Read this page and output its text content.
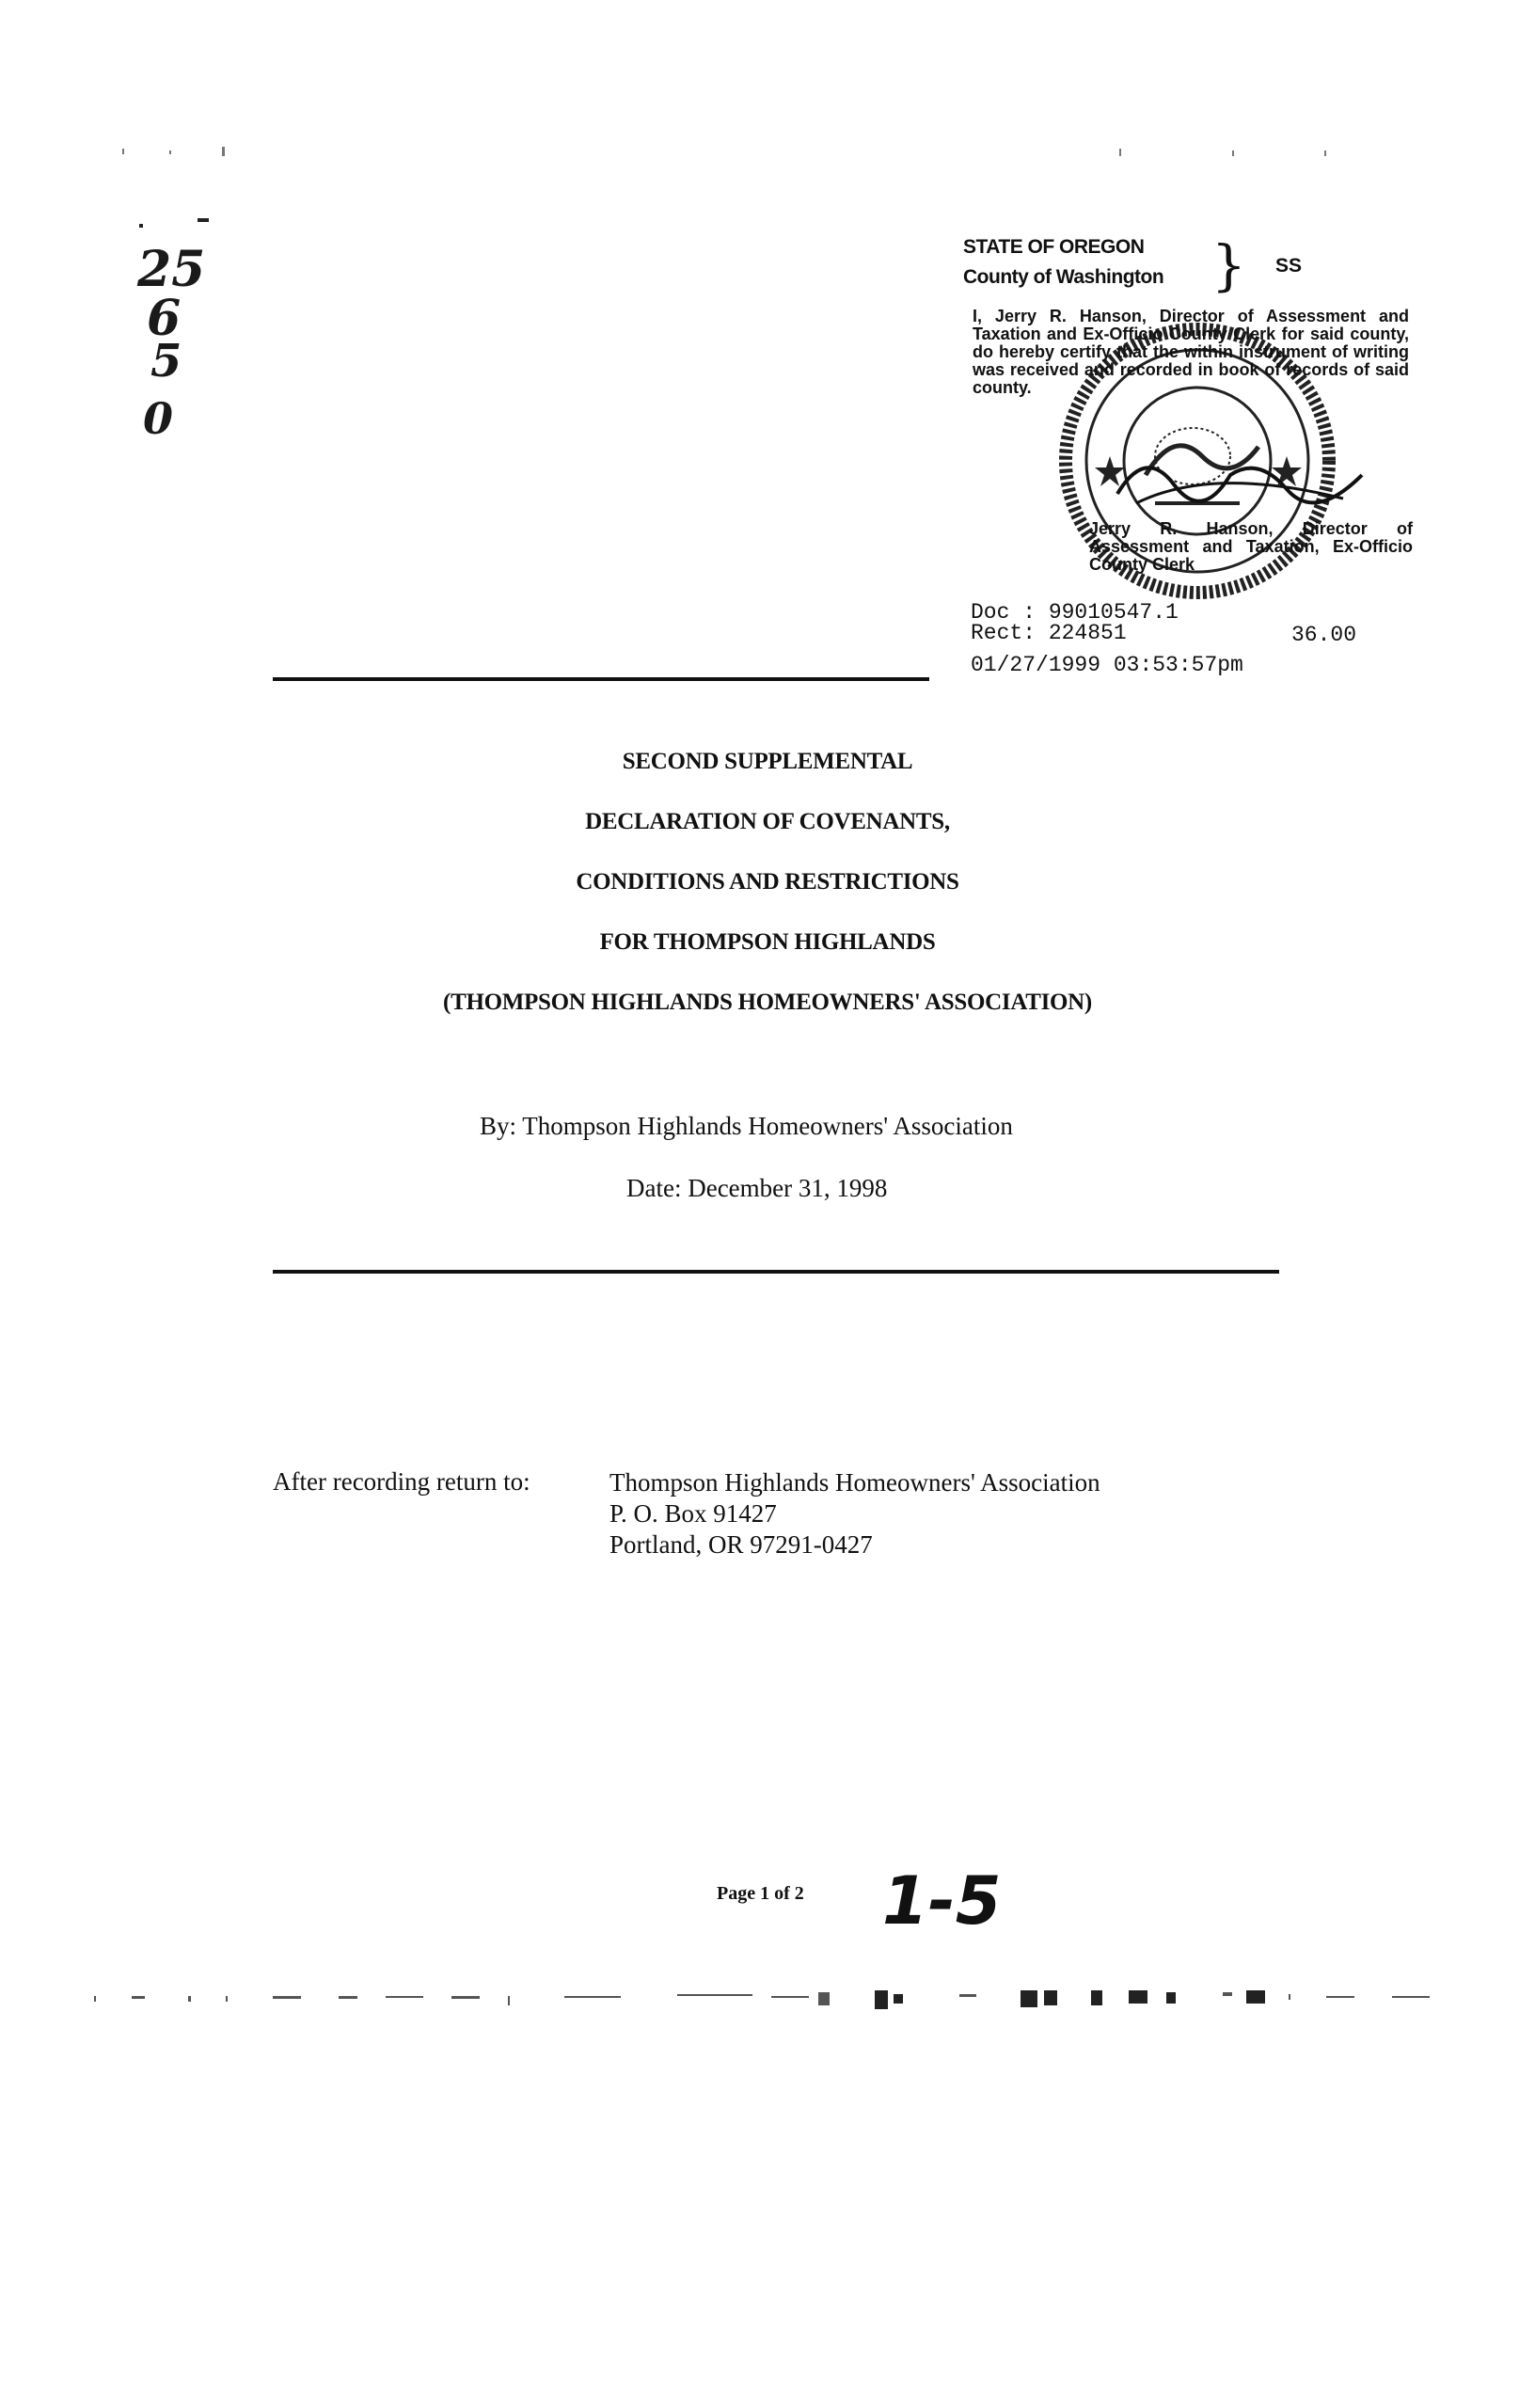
25
6
5
0
STATE OF OREGON
County of Washington } SS
I, Jerry R. Hanson, Director of Assessment and Taxation and Ex-Officio County Clerk for said county, do hereby certify that the within instrument of writing was received and recorded in book of records of said county.
Jerry R. Hanson, Director of Assessment and Taxation, Ex-Officio County Clerk
Doc : 99010547.1
Rect: 224851	36.00
01/27/1999 03:53:57pm
SECOND SUPPLEMENTAL
DECLARATION OF COVENANTS,
CONDITIONS AND RESTRICTIONS
FOR THOMPSON HIGHLANDS
(THOMPSON HIGHLANDS HOMEOWNERS' ASSOCIATION)
By: Thompson Highlands Homeowners' Association
Date: December 31, 1998
After recording return to:	Thompson Highlands Homeowners' Association
P. O. Box 91427
Portland, OR 97291-0427
Page 1 of 2 1-5
